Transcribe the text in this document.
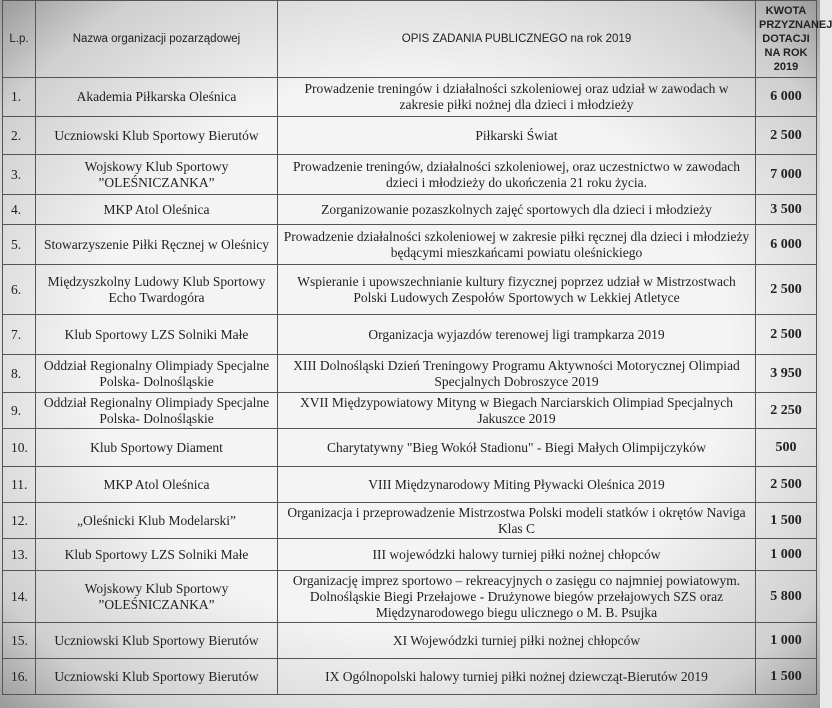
L.p.	Nazwa organizacji pozarządowej	OPIS ZADANIA PUBLICZNEGO na rok 2019	KWOTA PRZYZNANEJ DOTACJI NA ROK 2019
1.	Akademia Piłkarska Oleśnica	Prowadzenie treningów i działalności szkoleniowej oraz udział w zawodach w zakresie piłki nożnej dla dzieci i młodzieży	6 000
2.	Uczniowski Klub Sportowy Bierutów	Piłkarski Świat	2 500
3.	Wojskowy Klub Sportowy ”OLEŚNICZANKA”	Prowadzenie treningów, działalności szkoleniowej, oraz uczestnictwo w zawodach dzieci i młodzieży do ukończenia 21 roku życia.	7 000
4.	MKP Atol Oleśnica	Zorganizowanie pozaszkolnych zajęć sportowych dla dzieci i młodzieży	3 500
5.	Stowarzyszenie Piłki Ręcznej w Oleśnicy	Prowadzenie działalności szkoleniowej w zakresie piłki ręcznej dla dzieci i młodzieży będącymi mieszkańcami powiatu oleśnickiego	6 000
6.	Międzyszkolny Ludowy Klub Sportowy Echo Twardogóra	Wspieranie i upowszechnianie kultury fizycznej poprzez udział w Mistrzostwach Polski Ludowych Zespołów Sportowych w Lekkiej Atletyce	2 500
7.	Klub Sportowy LZS Solniki Małe	Organizacja wyjazdów terenowej ligi trampkarza 2019	2 500
8.	Oddział Regionalny Olimpiady Specjalne Polska- Dolnośląskie	XIII Dolnośląski Dzień Treningowy Programu Aktywności Motorycznej Olimpiad Specjalnych Dobroszyce 2019	3 950
9.	Oddział Regionalny Olimpiady Specjalne Polska- Dolnośląskie	XVII Międzypowiatowy Mityng w Biegach Narciarskich Olimpiad Specjalnych Jakuszce 2019	2 250
10.	Klub Sportowy Diament	Charytatywny "Bieg Wokół Stadionu" - Biegi Małych Olimpijczyków	500
11.	MKP Atol Oleśnica	VIII Międzynarodowy Miting Pływacki Oleśnica 2019	2 500
12.	„Oleśnicki Klub Modelarski”	Organizacja i przeprowadzenie Mistrzostwa Polski modeli statków i okrętów Naviga Klas C	1 500
13.	Klub Sportowy LZS Solniki Małe	III wojewódzki halowy turniej piłki nożnej chłopców	1 000
14.	Wojskowy Klub Sportowy ”OLEŚNICZANKA”	Organizację imprez sportowo – rekreacyjnych o zasięgu co najmniej powiatowym. Dolnośląskie Biegi Przełajowe - Drużynowe biegów przełajowych SZS oraz Międzynarodowego biegu ulicznego o M. B. Psujka	5 800
15.	Uczniowski Klub Sportowy Bierutów	XI Wojewódzki turniej piłki nożnej chłopców	1 000
16.	Uczniowski Klub Sportowy Bierutów	IX Ogólnopolski halowy turniej piłki nożnej dziewcząt-Bierutów 2019	1 500
